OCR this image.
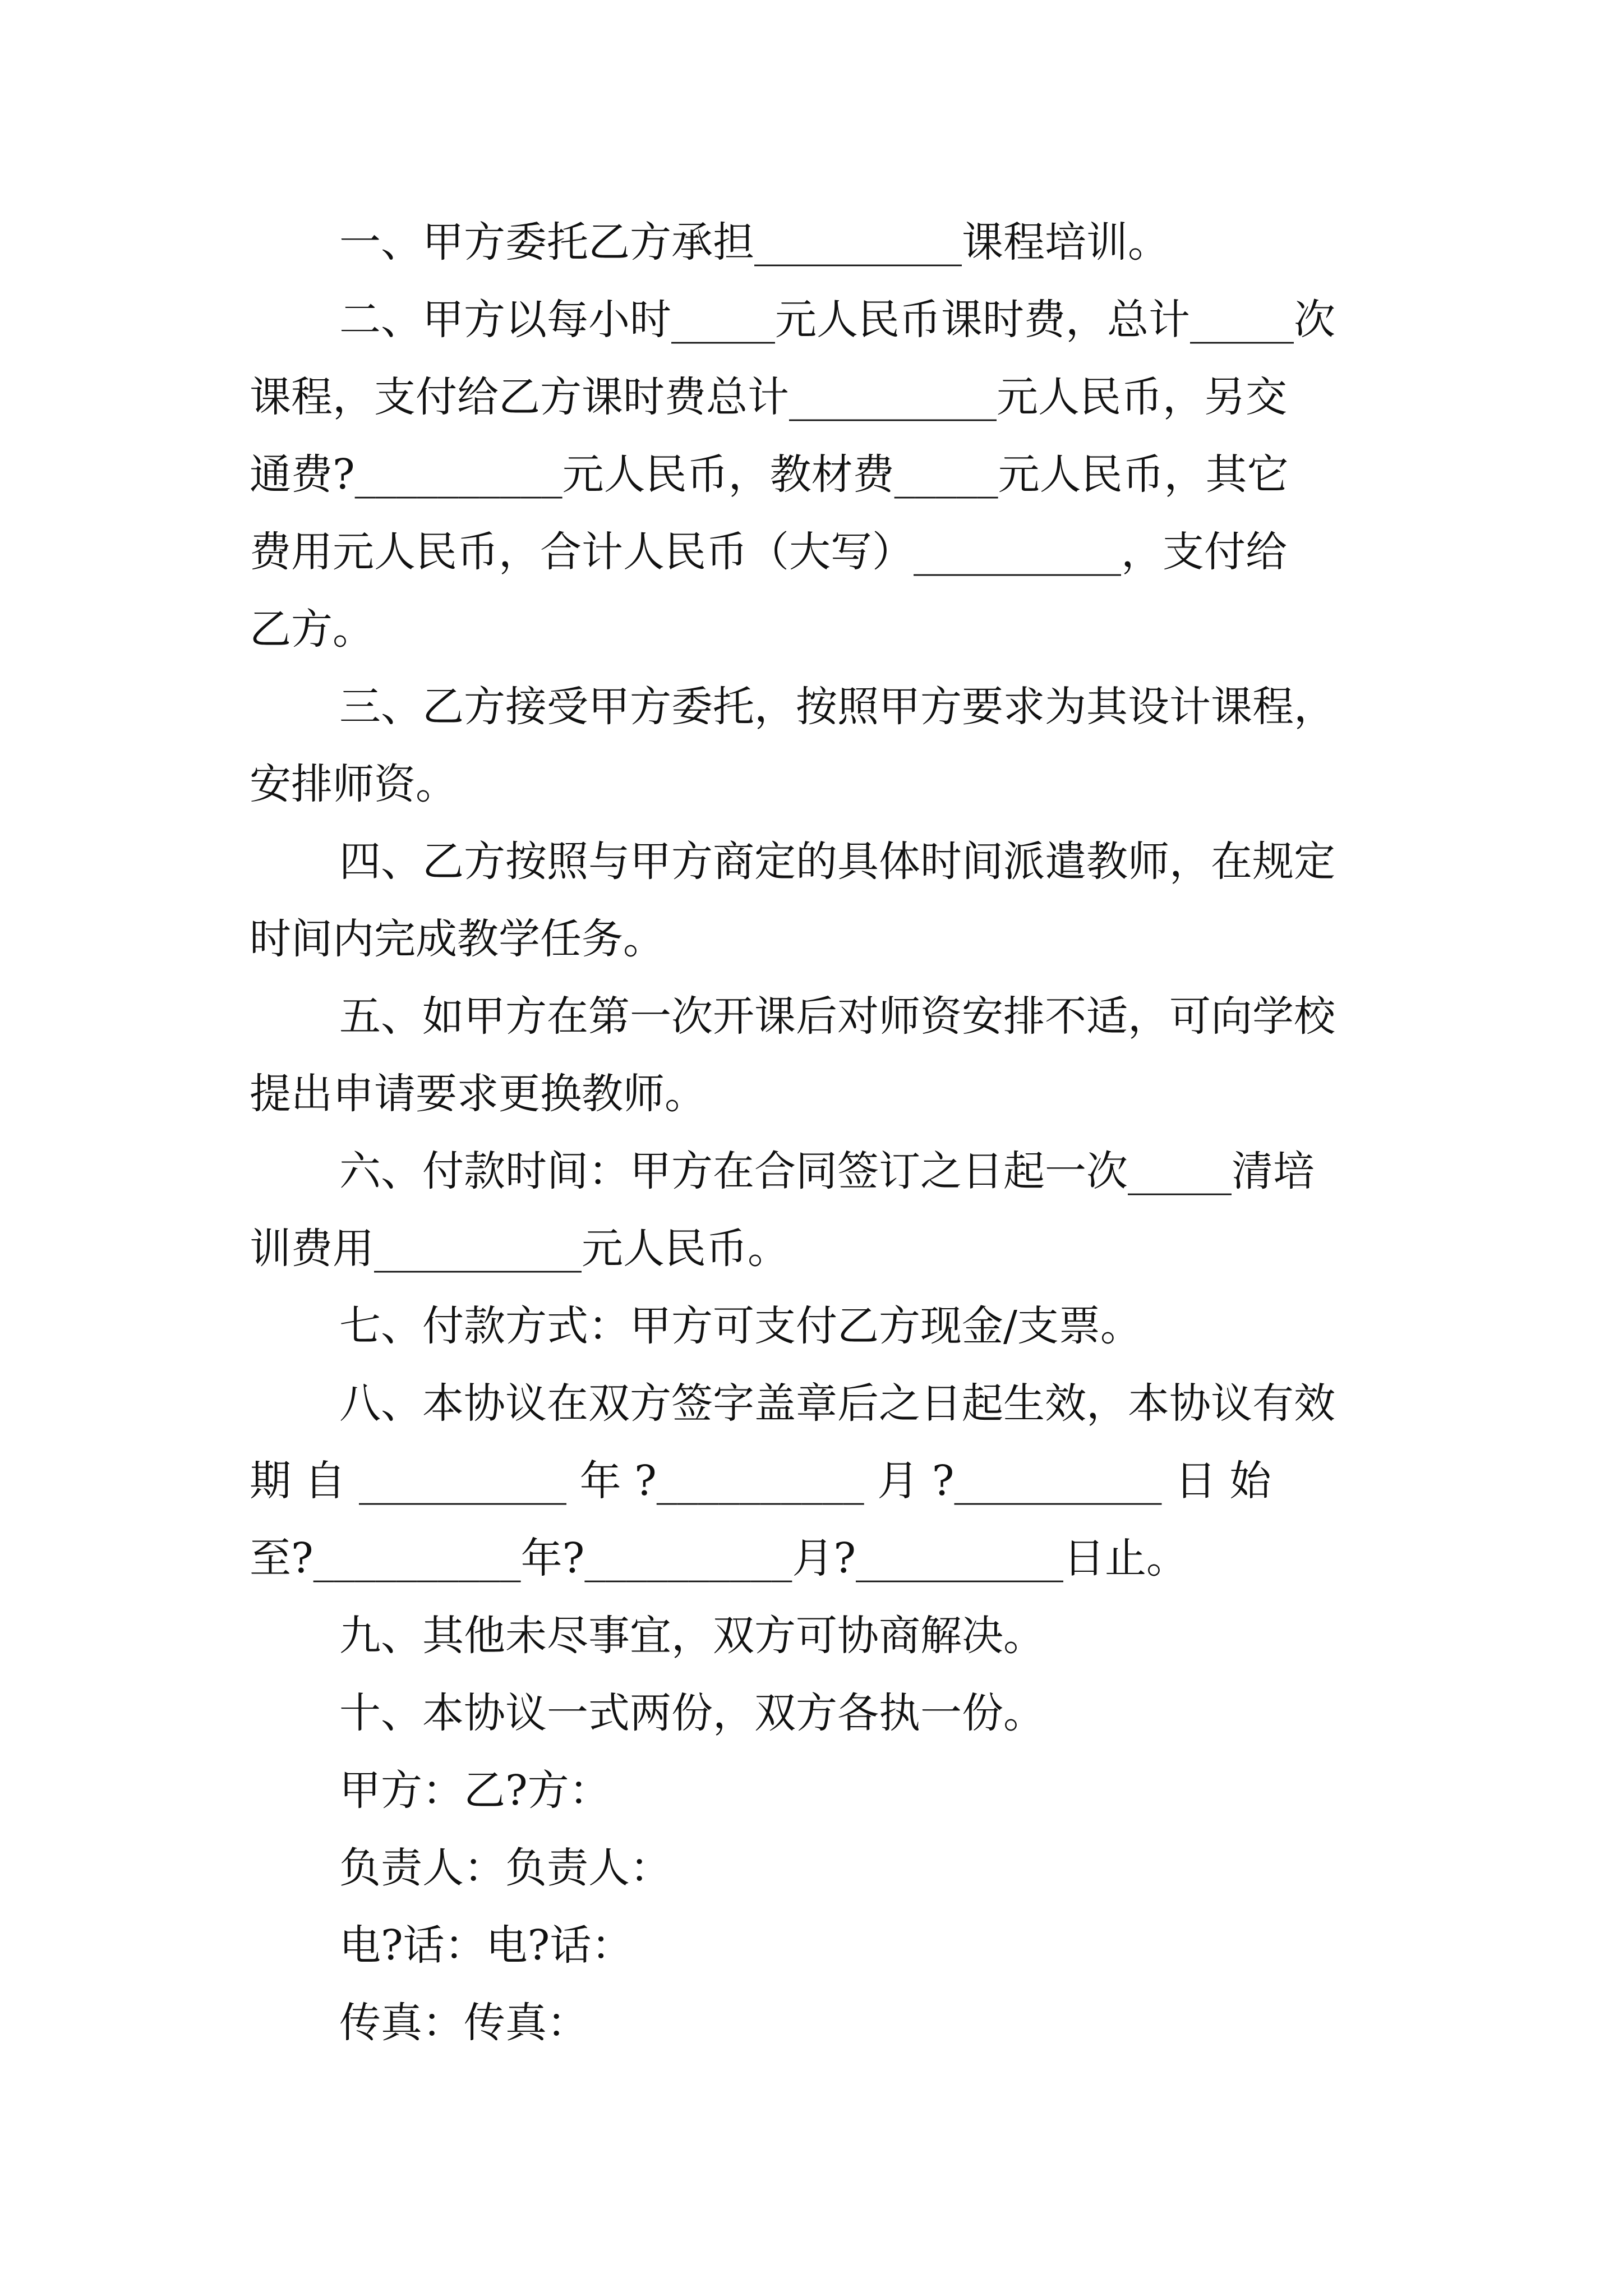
一、甲方委托乙方承担__________课程培训。
二、甲方以每小时_____元人民币课时费，总计_____次
课程，支付给乙方课时费总计__________元人民币，另交
通费?__________元人民币，教材费_____元人民币，其它
费用元人民币，合计人民币（大写）__________，支付给
乙方。
三、乙方接受甲方委托，按照甲方要求为其设计课程，
安排师资。
四、乙方按照与甲方商定的具体时间派遣教师，在规定
时间内完成教学任务。
五、如甲方在第一次开课后对师资安排不适，可向学校
提出申请要求更换教师。
六、付款时间：甲方在合同签订之日起一次_____清培
训费用__________元人民币。
七、付款方式：甲方可支付乙方现金/支票。
八、本协议在双方签字盖章后之日起生效，本协议有效
期 自 __________ 年 ?__________ 月 ?__________ 日 始
至?__________年?__________月?__________日止。
九、其他未尽事宜，双方可协商解决。
十、本协议一式两份，双方各执一份。
甲方：乙?方：
负责人：负责人：
电?话：电?话：
传真：传真：
